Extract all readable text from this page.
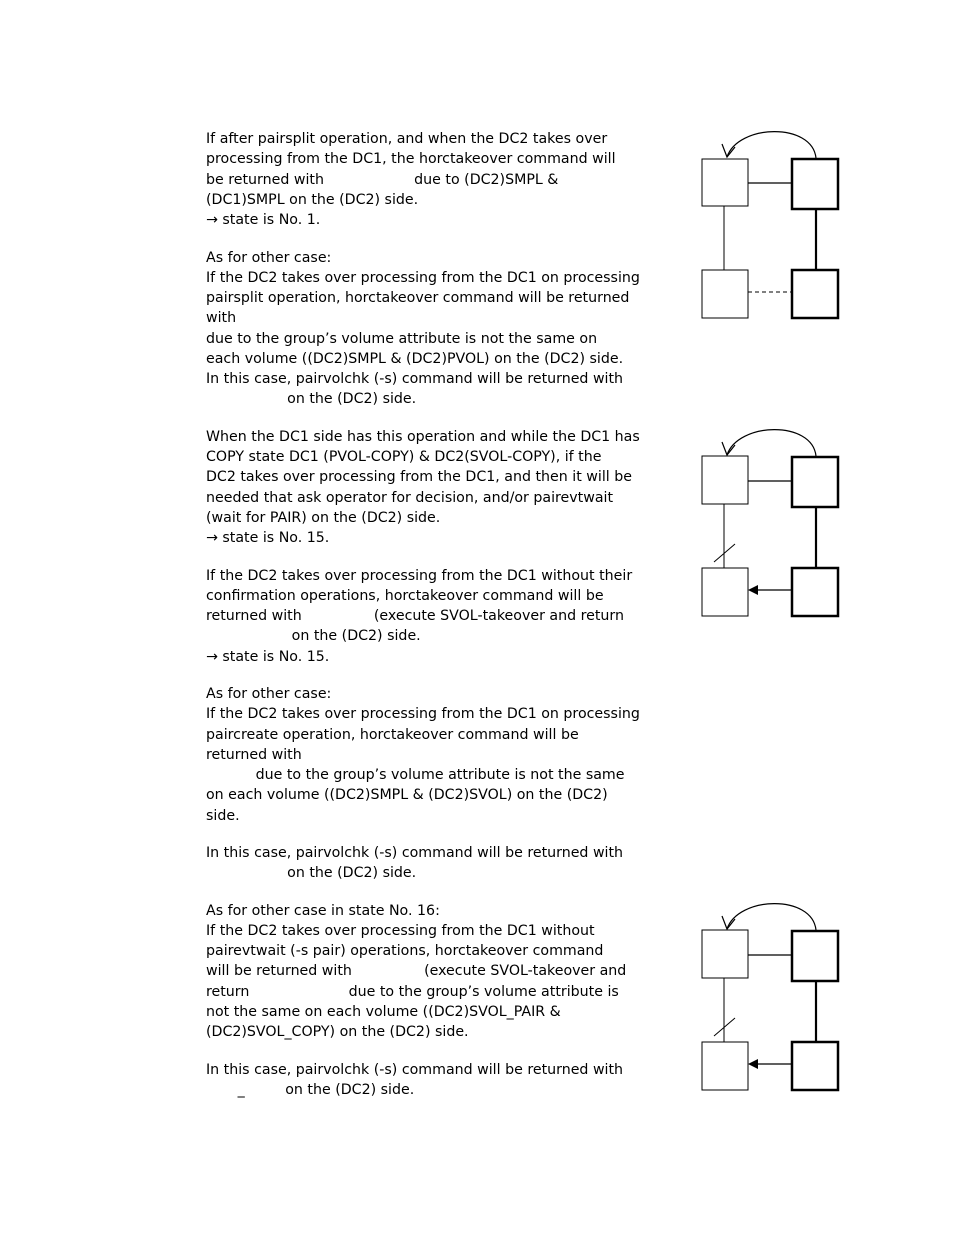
If after pairsplit operation, and when the DC2 takes over
processing from the DC1, the horctakeover command will
be returned with                    due to (DC2)SMPL &
(DC1)SMPL on the (DC2) side.
→ state is No. 1.
As for other case:
If the DC2 takes over processing from the DC1 on processing
pairsplit operation, horctakeover command will be returned
with
due to the group’s volume attribute is not the same on
each volume ((DC2)SMPL & (DC2)PVOL) on the (DC2) side.
In this case, pairvolchk (-s) command will be returned with
on the (DC2) side.
When the DC1 side has this operation and while the DC1 has
COPY state DC1 (PVOL-COPY) & DC2(SVOL-COPY), if the
DC2 takes over processing from the DC1, and then it will be
needed that ask operator for decision, and/or pairevtwait
(wait for PAIR) on the (DC2) side.
→ state is No. 15.
If the DC2 takes over processing from the DC1 without their
confirmation operations, horctakeover command will be
returned with                (execute SVOL-takeover and return
on the (DC2) side.
→ state is No. 15.
As for other case:
If the DC2 takes over processing from the DC1 on processing
paircreate operation, horctakeover command will be
returned with
due to the group’s volume attribute is not the same
on each volume ((DC2)SMPL & (DC2)SVOL) on the (DC2)
side.
In this case, pairvolchk (-s) command will be returned with
on the (DC2) side.
As for other case in state No. 16:
If the DC2 takes over processing from the DC1 without
pairevtwait (-s pair) operations, horctakeover command
will be returned with                (execute SVOL-takeover and
return                      due to the group’s volume attribute is
not the same on each volume ((DC2)SVOL_PAIR &
(DC2)SVOL_COPY) on the (DC2) side.
In this case, pairvolchk (-s) command will be returned with
_         on the (DC2) side.
